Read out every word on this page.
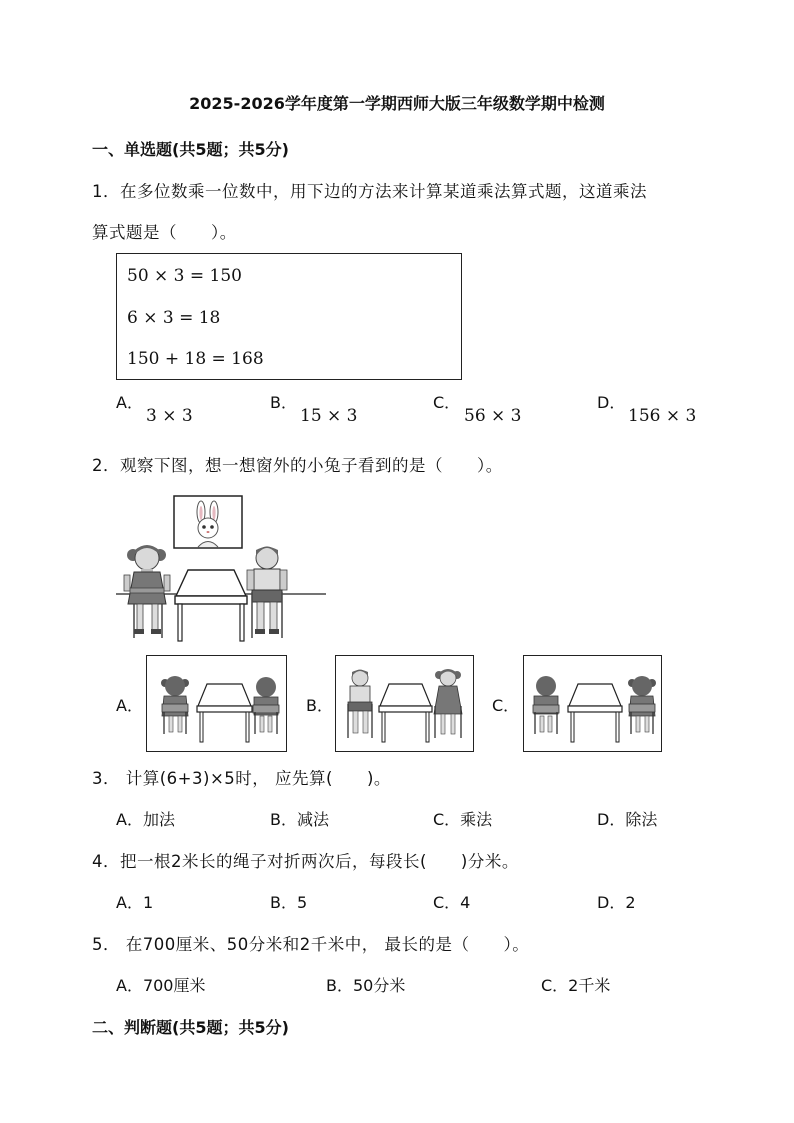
2025-2026学年度第一学期西师大版三年级数学期中检测
一、单选题(共5题；共5分)
1．在多位数乘一位数中，用下边的方法来计算某道乘法算式题，这道乘法
算式题是（　　）。
50 × 3 = 150
6 × 3 = 18
150 + 18 = 168
A．
3 × 3
B．
15 × 3
C．
56 × 3
D．
156 × 3
2．观察下图，想一想窗外的小兔子看到的是（　　）。
A．	B．	C．
3． 计算(6+3)×5时， 应先算(　　)。
A．加法	B．减法	C．乘法	D．除法
4．把一根2米长的绳子对折两次后，每段长(　　)分米。
A．1	B．5	C．4	D．2
5． 在700厘米、50分米和2千米中， 最长的是（　　）。
A．700厘米	B．50分米	C．2千米
二、判断题(共5题；共5分)
